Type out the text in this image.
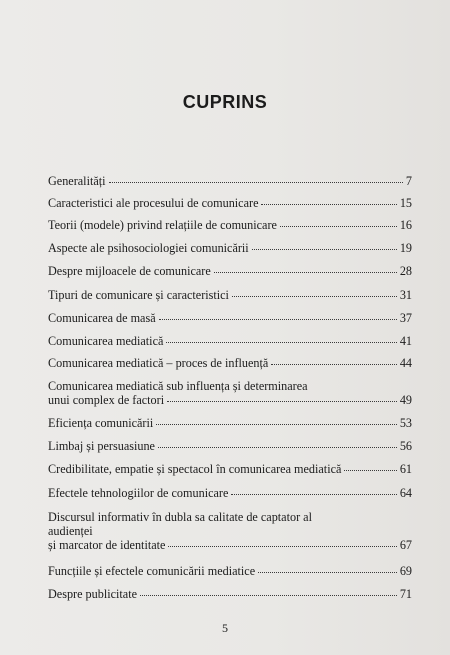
CUPRINS
Generalități	7
Caracteristici ale procesului de comunicare	15
Teorii (modele) privind relațiile de comunicare	16
Aspecte ale psihosociologiei comunicării	19
Despre mijloacele de comunicare	28
Tipuri de comunicare și caracteristici	31
Comunicarea de masă	37
Comunicarea mediatică	41
Comunicarea mediatică – proces de influență	44
Comunicarea mediatică sub influența și determinarea
unui complex de factori	49
Eficiența comunicării	53
Limbaj și persuasiune	56
Credibilitate, empatie și spectacol în comunicarea mediatică	61
Efectele tehnologiilor de comunicare	64
Discursul informativ în dubla sa calitate de captator al
audienței
și marcator de identitate	67
Funcțiile și efectele comunicării mediatice	69
Despre publicitate	71
5
